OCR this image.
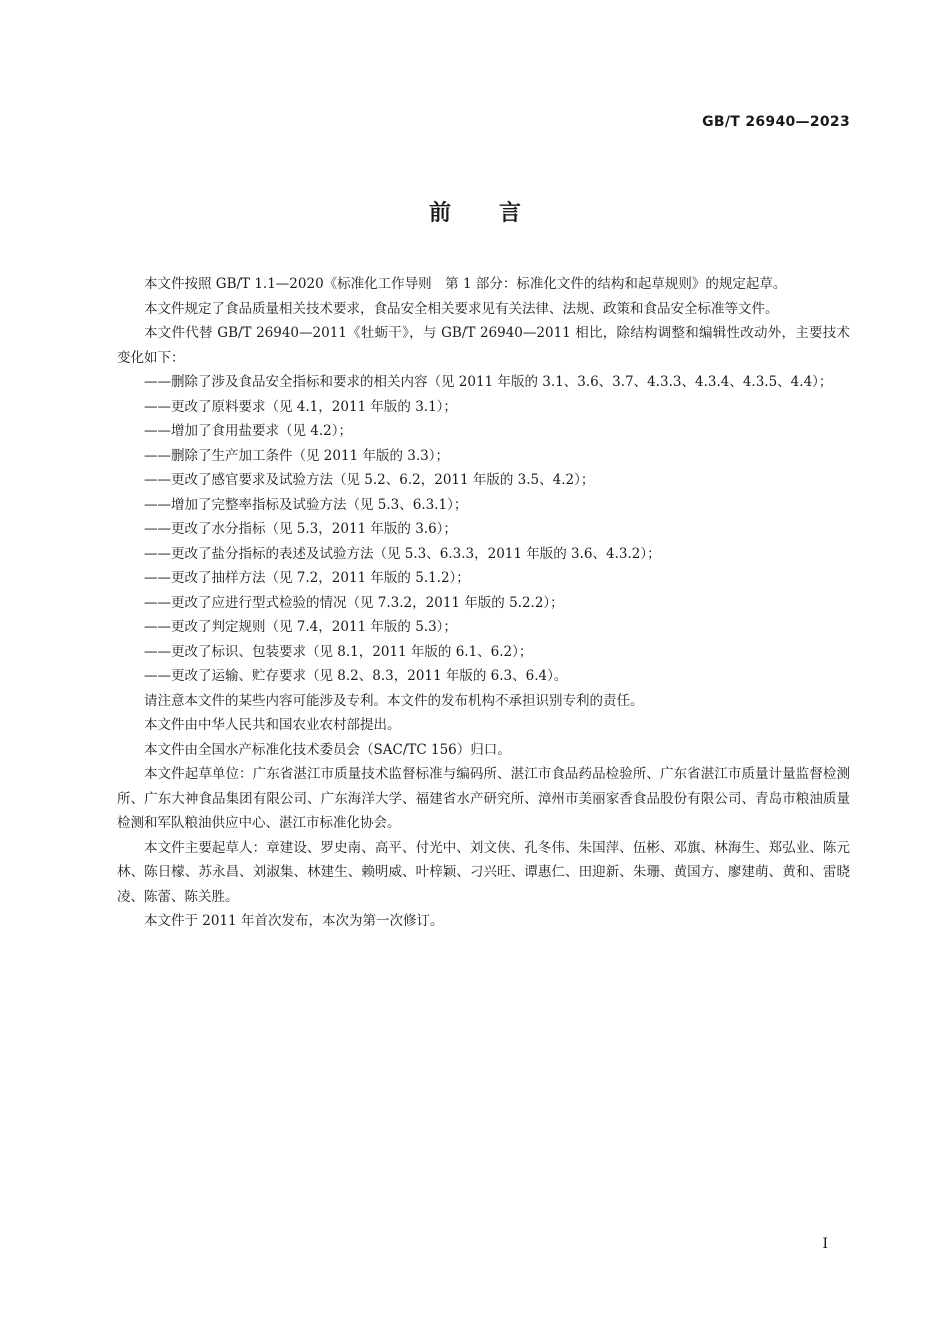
GB/T 26940—2023
前言

本文件按照 GB/T 1.1—2020《标准化工作导则　第 1 部分：标准化文件的结构和起草规则》的规定起草。

本文件规定了食品质量相关技术要求，食品安全相关要求见有关法律、法规、政策和食品安全标准等文件。

本文件代替 GB/T 26940—2011《牡蛎干》，与 GB/T 26940—2011 相比，除结构调整和编辑性改动外，主要技术变化如下：

——删除了涉及食品安全指标和要求的相关内容（见 2011 年版的 3.1、3.6、3.7、4.3.3、4.3.4、4.3.5、4.4）；
——更改了原料要求（见 4.1，2011 年版的 3.1）；
——增加了食用盐要求（见 4.2）；
——删除了生产加工条件（见 2011 年版的 3.3）；
——更改了感官要求及试验方法（见 5.2、6.2，2011 年版的 3.5、4.2）；
——增加了完整率指标及试验方法（见 5.3、6.3.1）；
——更改了水分指标（见 5.3，2011 年版的 3.6）；
——更改了盐分指标的表述及试验方法（见 5.3、6.3.3，2011 年版的 3.6、4.3.2）；
——更改了抽样方法（见 7.2，2011 年版的 5.1.2）；
——更改了应进行型式检验的情况（见 7.3.2，2011 年版的 5.2.2）；
——更改了判定规则（见 7.4，2011 年版的 5.3）；
——更改了标识、包装要求（见 8.1，2011 年版的 6.1、6.2）；
——更改了运输、贮存要求（见 8.2、8.3，2011 年版的 6.3、6.4）。

请注意本文件的某些内容可能涉及专利。本文件的发布机构不承担识别专利的责任。

本文件由中华人民共和国农业农村部提出。

本文件由全国水产标准化技术委员会（SAC/TC 156）归口。

本文件起草单位：广东省湛江市质量技术监督标准与编码所、湛江市食品药品检验所、广东省湛江市质量计量监督检测所、广东大神食品集团有限公司、广东海洋大学、福建省水产研究所、漳州市美丽家香食品股份有限公司、青岛市粮油质量检测和军队粮油供应中心、湛江市标准化协会。

本文件主要起草人：章建设、罗史南、高平、付光中、刘文侠、孔冬伟、朱国萍、伍彬、邓旗、林海生、郑弘业、陈元林、陈日檬、苏永昌、刘淑集、林建生、赖明威、叶梓颖、刁兴旺、谭惠仁、田迎新、朱珊、黄国方、廖建萌、黄和、雷晓凌、陈蕾、陈关胜。

本文件于 2011 年首次发布，本次为第一次修订。

I
